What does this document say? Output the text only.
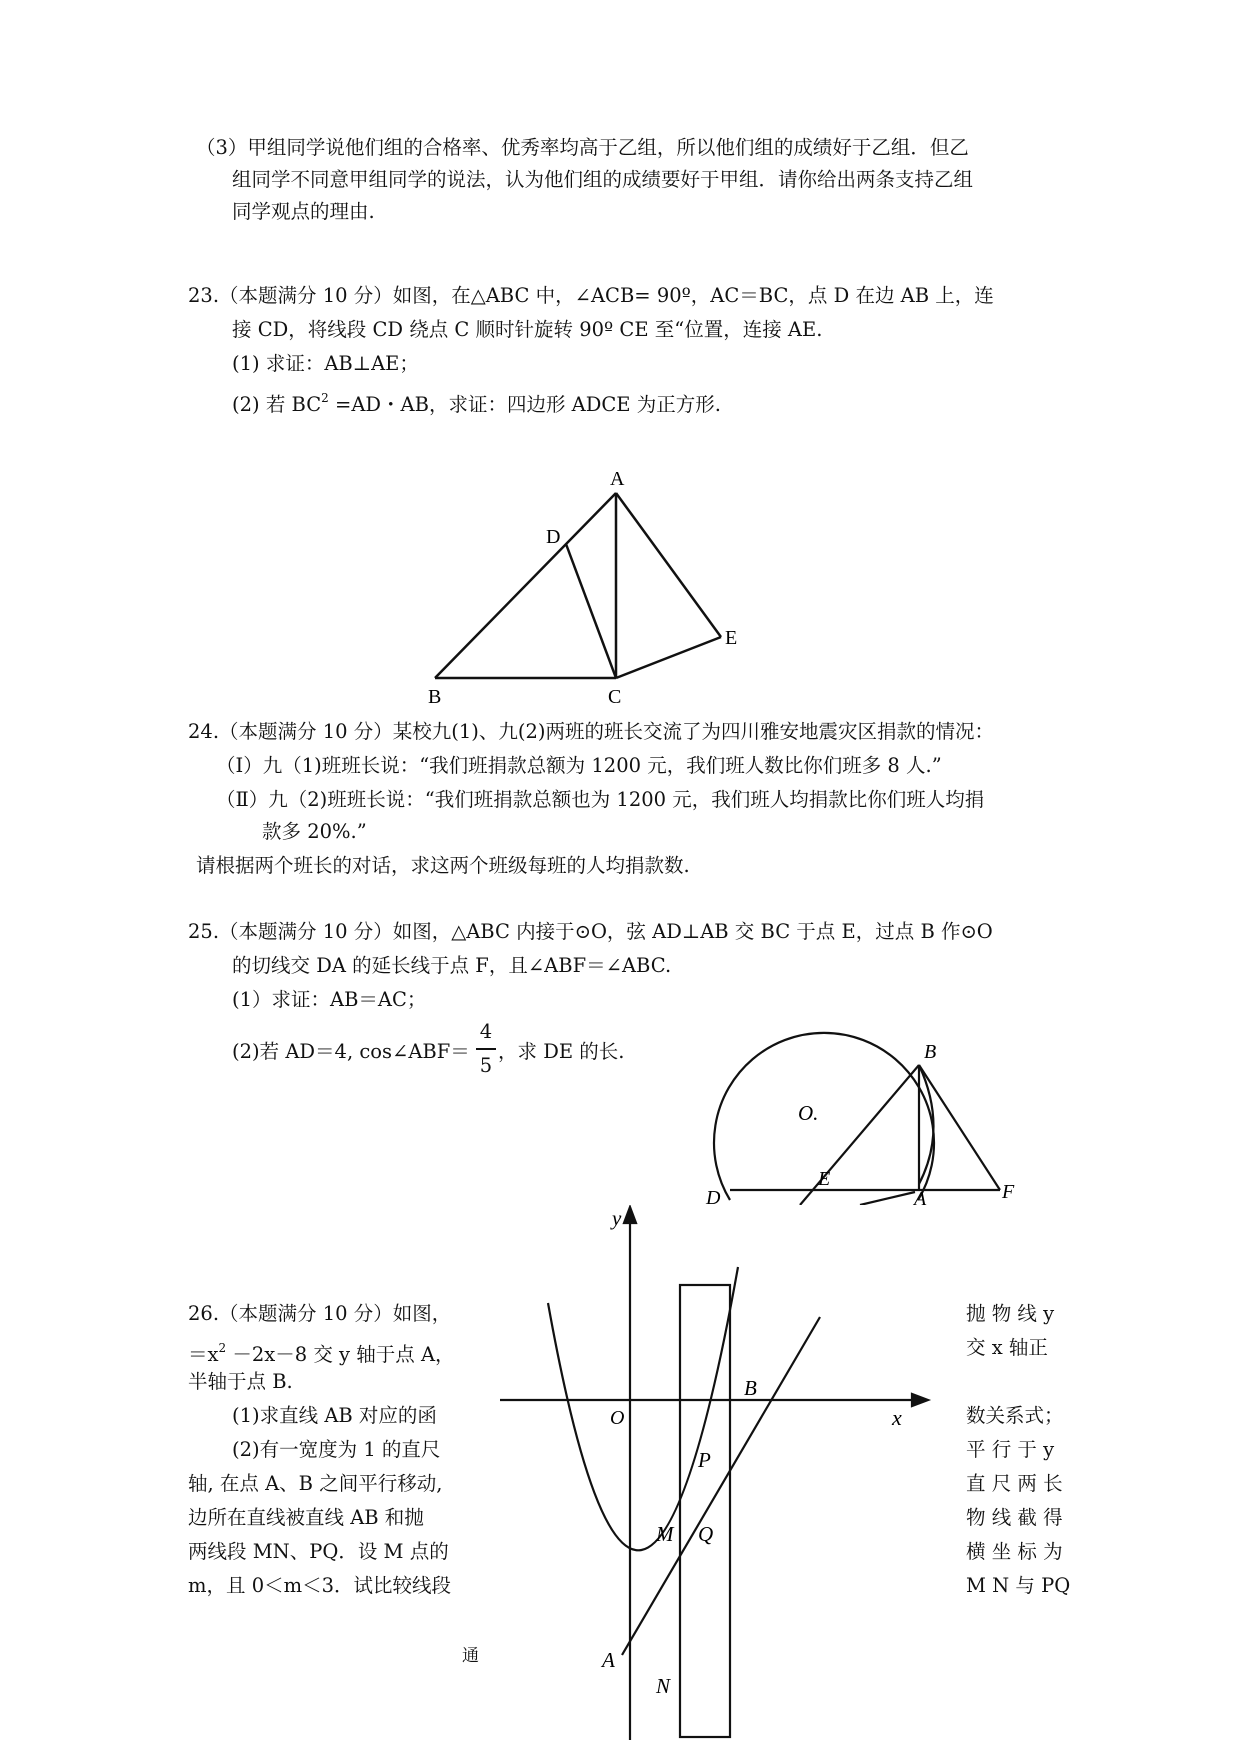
（3）甲组同学说他们组的合格率、优秀率均高于乙组，所以他们组的成绩好于乙组．但乙
组同学不同意甲组同学的说法，认为他们组的成绩要好于甲组．请你给出两条支持乙组
同学观点的理由.
23.（本题满分 10 分）如图，在△ABC 中，∠ACB= 90º，AC＝BC，点 D 在边 AB 上，连
接 CD，将线段 CD 绕点 C 顺时针旋转 90º CE 至“位置，连接 AE.
(1) 求证：AB⊥AE；
(2) 若 $BC^2 =AD$・AB，求证：四边形 ADCE 为正方形.
A
D
E
B	C
24.（本题满分 10 分）某校九(1)、九(2)两班的班长交流了为四川雅安地震灾区捐款的情况：
（Ⅰ）九（1)班班长说：“我们班捐款总额为 1200 元，我们班人数比你们班多 8 人.”
（Ⅱ）九（2)班班长说：“我们班捐款总额也为 1200 元，我们班人均捐款比你们班人均捐
款多 20%.”
请根据两个班长的对话，求这两个班级每班的人均捐款数.
25.（本题满分 10 分）如图，△ABC 内接于⊙O，弦 AD⊥AB 交 BC 于点 E，过点 B 作⊙O
的切线交 DA 的延长线于点 F，且∠ABF＝∠ABC.
(1）求证：AB＝AC；
(2)若 AD＝4, cos∠ABF＝
4
5
，求 DE 的长.	B
O.
E
F
D	A
26.（本题满分 10 分）如图，	抛 物 线 y
$=x^2 -2x-8$ 交 y 轴于点 A，	交 x 轴正
半轴于点 B.
(1)求直线 AB 对应的函	数关系式；
(2)有一宽度为 1 的直尺	平 行 于 y
轴, 在点 A、B 之间平行移动,	直 尺 两 长
边所在直线被直线 AB 和抛	物 线 截 得
两线段 MN、PQ．设 M 点的	横 坐 标 为
m，且 0＜m＜3．试比较线段	M N 与 PQ
通
y
x
O
B
P
M Q
A
N
